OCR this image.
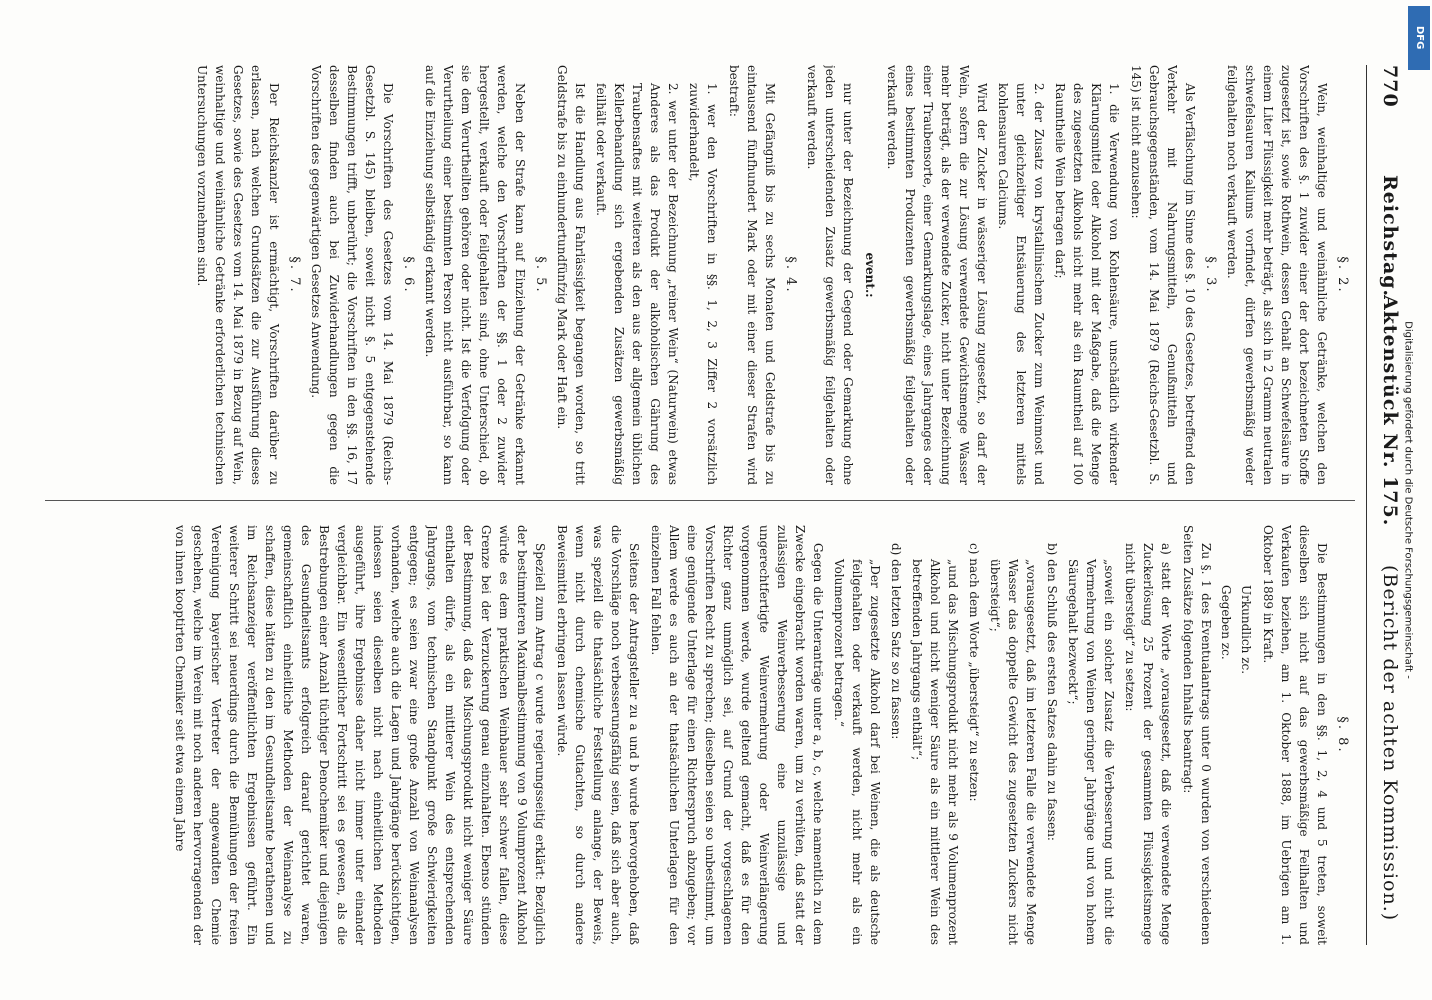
770
Reichstag.
Aktenstück Nr. 175.
(Bericht der achten Kommission.)
§. 2.

Wein, weinhaltige und weinähnliche Getränke, welchen den Vorschriften des §. 1 zuwider einer der dort bezeichneten Stoffe zugesetzt ist, sowie Rothwein, dessen Gehalt an Schwefelsäure in einem Liter Flüssigkeit mehr beträgt, als sich in 2 Gramm neutralen schwefelsauren Kaliums vorfindet, dürfen gewerbsmäßig weder feilgehalten noch verkauft werden.

§. 3.

Als Verfälschung im Sinne des §. 10 des Gesetzes, betreffend den Verkehr mit Nahrungsmitteln, Genußmitteln und Gebrauchsgegenständen, vom 14. Mai 1879 (Reichs-Gesetzbl. S. 145) ist nicht anzusehen:

1. die Verwendung von Kohlensäure, unschädlich wirkender Klärungsmittel oder Alkohol mit der Maßgabe, daß die Menge des zugesetzten Alkohols nicht mehr als ein Raumtheil auf 100 Raumtheile Wein betragen darf;
2. der Zusatz von krystallinischem Zucker zum Weinmost und unter gleichzeitiger Entsäuerung des letzteren mittels kohlensauren Calciums.

Wird der Zucker in wässeriger Lösung zugesetzt, so darf der Wein, sofern die zur Lösung verwendete Gewichtsmenge Wasser mehr beträgt, als der verwendete Zucker, nicht unter Bezeichnung einer Traubensorte, einer Gemarkungslage, eines Jahrganges oder eines bestimmten Produzenten gewerbsmäßig feilgehalten oder verkauft werden.

event.:

nur unter der Bezeichnung der Gegend oder Gemarkung ohne jeden unterscheidenden Zusatz gewerbsmäßig feilgehalten oder verkauft werden.

§. 4.

Mit Gefängniß bis zu sechs Monaten und Geldstrafe bis zu eintausend fünfhundert Mark oder mit einer dieser Strafen wird bestraft:

1. wer den Vorschriften in §§. 1, 2, 3 Ziffer 2 vorsätzlich zuwiderhandelt,
2. wer unter der Bezeichnung „reiner Wein“ (Naturwein) etwas Anderes als das Produkt der alkoholischen Gährung des Traubensaftes mit weiteren als den aus der allgemein üblichen Kellerbehandlung sich ergebenden Zusätzen gewerbsmäßig feilhält oder verkauft.

Ist die Handlung aus Fahrlässigkeit begangen worden, so tritt Geldstrafe bis zu einhundertundfünfzig Mark oder Haft ein.

§. 5.

Neben der Strafe kann auf Einziehung der Getränke erkannt werden, welche den Vorschriften der §§. 1 oder 2 zuwider hergestellt, verkauft oder feilgehalten sind, ohne Unterschied, ob sie dem Verurtheilten gehören oder nicht. Ist die Verfolgung oder Verurtheilung einer bestimmten Person nicht ausführbar, so kann auf die Einziehung selbständig erkannt werden.

§. 6.

Die Vorschriften des Gesetzes vom 14. Mai 1879 (Reichs-Gesetzbl. S. 145) bleiben, soweit nicht §. 5 entgegenstehende Bestimmungen trifft, unberührt; die Vorschriften in den §§. 16, 17 desselben finden auch bei Zuwiderhandlungen gegen die Vorschriften des gegenwärtigen Gesetzes Anwendung.

§. 7.

Der Reichskanzler ist ermächtigt, Vorschriften darüber zu erlassen, nach welchen Grundsätzen die zur Ausführung dieses Gesetzes, sowie des Gesetzes vom 14. Mai 1879 in Bezug auf Wein, weinhaltige und weinähnliche Getränke erforderlichen technischen Untersuchungen vorzunehmen sind.

§. 8.

Die Bestimmungen in den §§. 1, 2, 4 und 5 treten, soweit dieselben sich nicht auf das gewerbsmäßige Feilhalten und Verkaufen beziehen, am 1. Oktober 1888, im Uebrigen am 1. Oktober 1889 in Kraft.

Urkundlich zc.
Gegeben zc.

Zu §. 1 des Eventualantrags unter 0 wurden von verschiedenen Seiten Zusätze folgenden Inhalts beantragt:

a) statt der Worte „vorausgesetzt, daß die verwendete Menge Zuckerlösung 25 Prozent der gesammten Flüssigkeitsmenge nicht übersteigt“ zu setzen:
„soweit ein solcher Zusatz die Verbesserung und nicht die Vermehrung von Weinen geringer Jahrgänge und von hohem Säuregehalt bezweckt“;
b) den Schluß des ersten Satzes dahin zu fassen:
„vorausgesetzt, daß im letzteren Falle die verwendete Menge Wasser das doppelte Gewicht des zugesetzten Zuckers nicht übersteigt“;
c) nach dem Worte „übersteigt“ zu setzen:
„und das Mischungsprodukt nicht mehr als 9 Volumenprozent Alkohol und nicht weniger Säure als ein mittlerer Wein des betreffenden Jahrgangs enthält“;
d) den letzten Satz so zu fassen:
„Der zugesetzte Alkohol darf bei Weinen, die als deutsche feilgehalten oder verkauft werden, nicht mehr als ein Volumenprozent betragen.“

Gegen die Unteranträge unter a, b, c, welche namentlich zu dem Zwecke eingebracht worden waren, um zu verhüten, daß statt der zulässigen Weinverbesserung eine unzulässige und ungerechtfertigte Weinvermehrung oder Weinverlängerung vorgenommen werde, wurde geltend gemacht, daß es für den Richter ganz unmöglich sei, auf Grund der vorgeschlagenen Vorschriften Recht zu sprechen; dieselben seien so unbestimmt, um eine genügende Unterlage für einen Richterspruch abzugeben; vor Allem werde es auch an der thatsächlichen Unterlagen für den einzelnen Fall fehlen.

Seitens der Antragsteller zu a und b wurde hervorgehoben, daß die Vorschläge noch verbesserungsfähig seien, daß sich aber auch, was speziell die thatsächliche Feststellung anlange, der Beweis, wenn nicht durch chemische Gutachten, so durch andere Beweismittel erbringen lassen würde.

Speziell zum Antrag c wurde regierungsseitig erklärt: Bezüglich der bestimmteren Maximalbestimmung von 9 Volumprozent Alkohol würde es dem praktischen Weinbauer sehr schwer fallen, diese Grenze bei der Verzuckerung genau einzuhalten. Ebenso stünden der Bestimmung, daß das Mischungsprodukt nicht weniger Säure enthalten dürfe, als ein mittlerer Wein des entsprechenden Jahrgangs, vom technischen Standpunkt große Schwierigkeiten entgegen; es seien zwar eine große Anzahl von Weinanalysen vorhanden, welche auch die Lagen und Jahrgänge berücksichtigen, indessen seien dieselben nicht nach einheitlichen Methoden ausgeführt, ihre Ergebnisse daher nicht immer unter einander vergleichbar. Ein wesentlicher Fortschritt sei es gewesen, als die Bestrebungen einer Anzahl tüchtiger Denochemiker und diejenigen des Gesundheitsamts erfolgreich darauf gerichtet waren, gemeinschaftlich einheitliche Methoden der Weinanalyse zu schaffen, diese hätten zu den im Gesundheitsamte berathenen und im Reichsanzeiger veröffentlichten Ergebnissen geführt. Ein weiterer Schritt sei neuerdings durch die Bemühungen der freien Vereinigung bayerischer Vertreter der angewandten Chemie geschehen, welche im Verein mit noch anderen hervorragenden der von ihnen kooptirten Chemiker seit etwa einem Jahre

Digitalisierung gefördert durch die Deutsche Forschungsgemeinschaft -
DFG
